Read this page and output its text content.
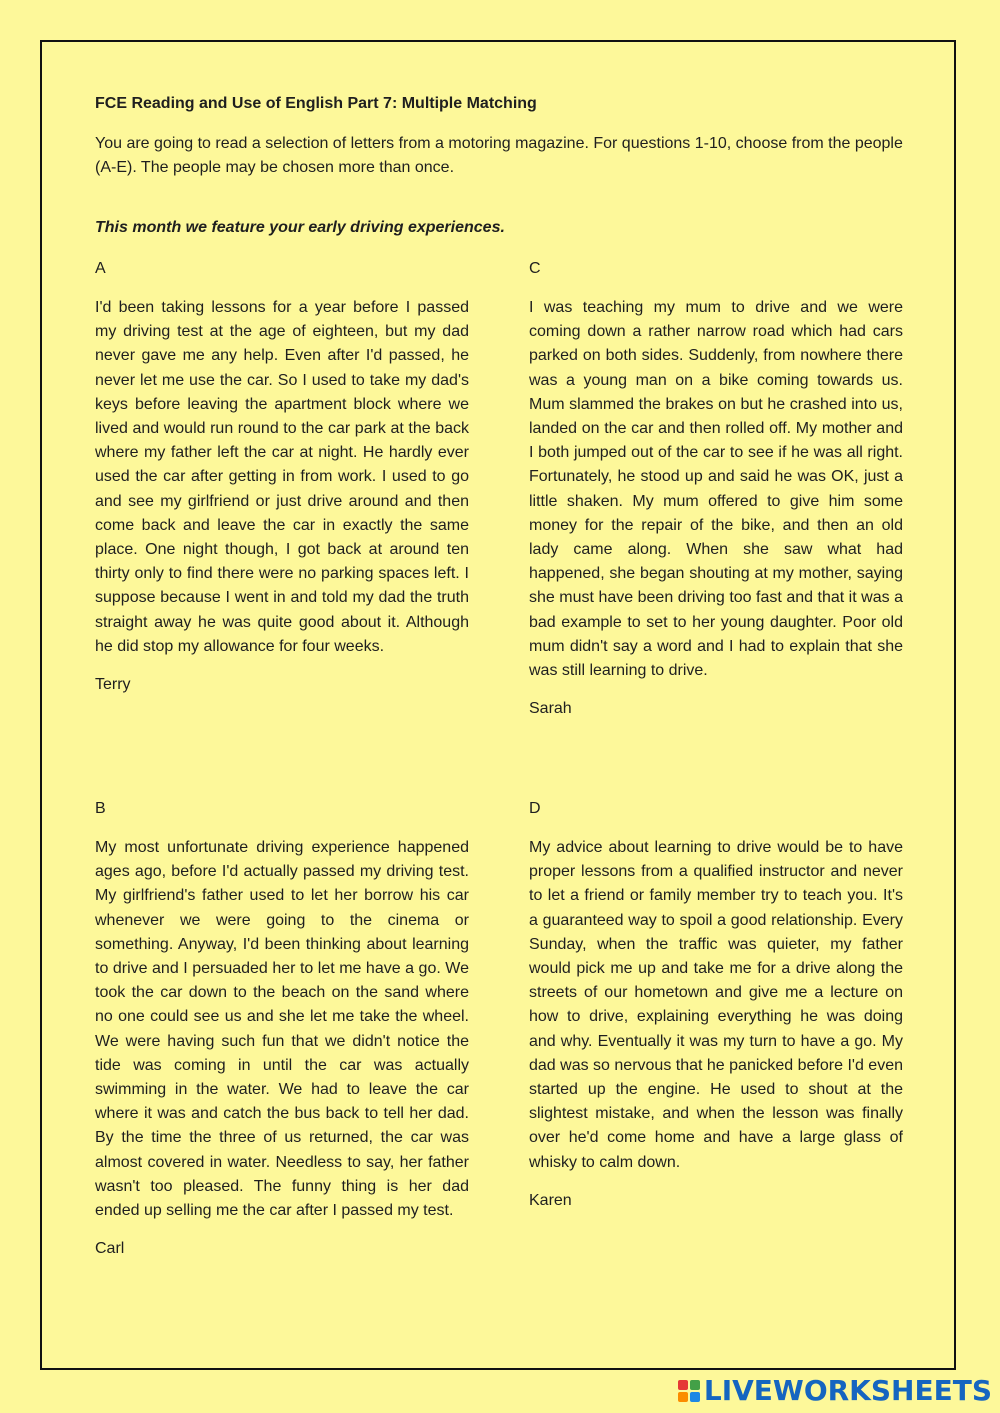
FCE Reading and Use of English Part 7: Multiple Matching

You are going to read a selection of letters from a motoring magazine. For questions 1-10, choose from the people (A-E). The people may be chosen more than once.

This month we feature your early driving experiences.

A

I'd been taking lessons for a year before I passed my driving test at the age of eighteen, but my dad never gave me any help. Even after I'd passed, he never let me use the car. So I used to take my dad's keys before leaving the apartment block where we lived and would run round to the car park at the back where my father left the car at night. He hardly ever used the car after getting in from work. I used to go and see my girlfriend or just drive around and then come back and leave the car in exactly the same place. One night though, I got back at around ten thirty only to find there were no parking spaces left. I suppose because I went in and told my dad the truth straight away he was quite good about it. Although he did stop my allowance for four weeks.

Terry

C

I was teaching my mum to drive and we were coming down a rather narrow road which had cars parked on both sides. Suddenly, from nowhere there was a young man on a bike coming towards us. Mum slammed the brakes on but he crashed into us, landed on the car and then rolled off. My mother and I both jumped out of the car to see if he was all right. Fortunately, he stood up and said he was OK, just a little shaken. My mum offered to give him some money for the repair of the bike, and then an old lady came along. When she saw what had happened, she began shouting at my mother, saying she must have been driving too fast and that it was a bad example to set to her young daughter. Poor old mum didn't say a word and I had to explain that she was still learning to drive.

Sarah

B

My most unfortunate driving experience happened ages ago, before I'd actually passed my driving test. My girlfriend's father used to let her borrow his car whenever we were going to the cinema or something. Anyway, I'd been thinking about learning to drive and I persuaded her to let me have a go. We took the car down to the beach on the sand where no one could see us and she let me take the wheel. We were having such fun that we didn't notice the tide was coming in until the car was actually swimming in the water. We had to leave the car where it was and catch the bus back to tell her dad. By the time the three of us returned, the car was almost covered in water. Needless to say, her father wasn't too pleased. The funny thing is her dad ended up selling me the car after I passed my test.

Carl

D

My advice about learning to drive would be to have proper lessons from a qualified instructor and never to let a friend or family member try to teach you. It's a guaranteed way to spoil a good relationship. Every Sunday, when the traffic was quieter, my father would pick me up and take me for a drive along the streets of our hometown and give me a lecture on how to drive, explaining everything he was doing and why. Eventually it was my turn to have a go. My dad was so nervous that he panicked before I'd even started up the engine. He used to shout at the slightest mistake, and when the lesson was finally over he'd come home and have a large glass of whisky to calm down.

Karen

LIVEWORKSHEETS
